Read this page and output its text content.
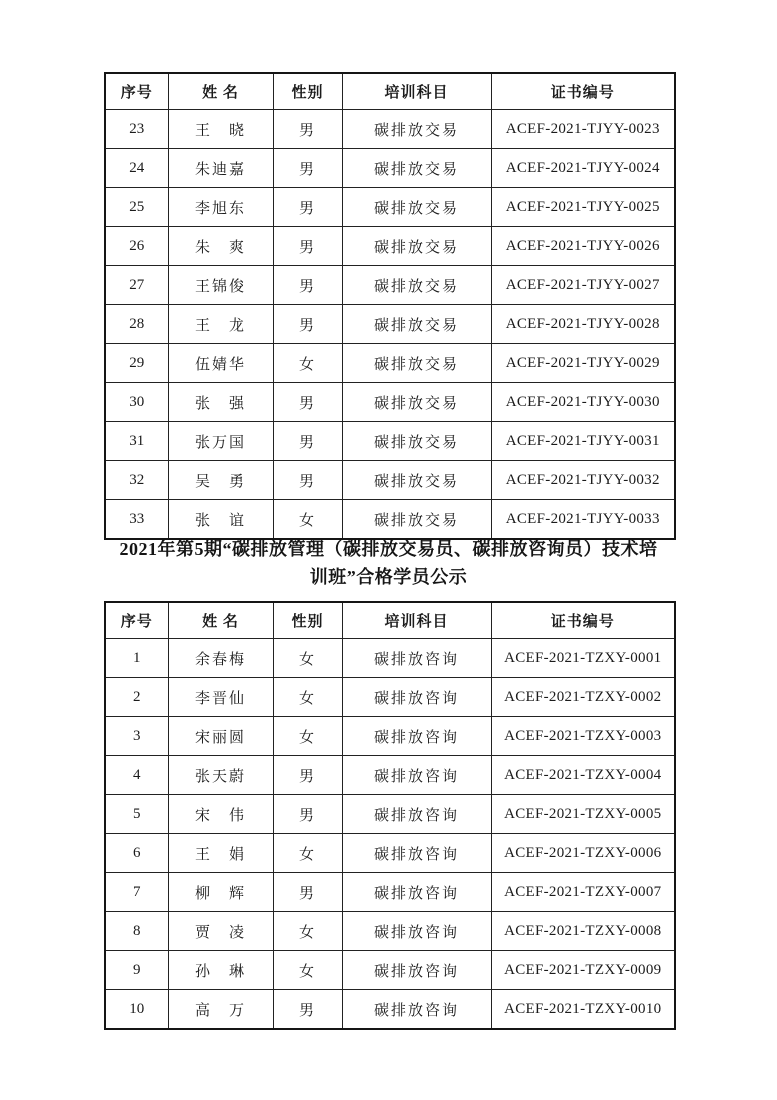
序号	姓 名	性别	培训科目	证书编号
23	王　晓	男	碳排放交易	ACEF-2021-TJYY-0023
24	朱迪嘉	男	碳排放交易	ACEF-2021-TJYY-0024
25	李旭东	男	碳排放交易	ACEF-2021-TJYY-0025
26	朱　爽	男	碳排放交易	ACEF-2021-TJYY-0026
27	王锦俊	男	碳排放交易	ACEF-2021-TJYY-0027
28	王　龙	男	碳排放交易	ACEF-2021-TJYY-0028
29	伍婧华	女	碳排放交易	ACEF-2021-TJYY-0029
30	张　强	男	碳排放交易	ACEF-2021-TJYY-0030
31	张万国	男	碳排放交易	ACEF-2021-TJYY-0031
32	吴　勇	男	碳排放交易	ACEF-2021-TJYY-0032
33	张　谊	女	碳排放交易	ACEF-2021-TJYY-0033
2021年第5期“碳排放管理（碳排放交易员、碳排放咨询员）技术培
训班”合格学员公示
序号	姓 名	性别	培训科目	证书编号
1	余春梅	女	碳排放咨询	ACEF-2021-TZXY-0001
2	李晋仙	女	碳排放咨询	ACEF-2021-TZXY-0002
3	宋丽圆	女	碳排放咨询	ACEF-2021-TZXY-0003
4	张天蔚	男	碳排放咨询	ACEF-2021-TZXY-0004
5	宋　伟	男	碳排放咨询	ACEF-2021-TZXY-0005
6	王　娟	女	碳排放咨询	ACEF-2021-TZXY-0006
7	柳　辉	男	碳排放咨询	ACEF-2021-TZXY-0007
8	贾　凌	女	碳排放咨询	ACEF-2021-TZXY-0008
9	孙　琳	女	碳排放咨询	ACEF-2021-TZXY-0009
10	高　万	男	碳排放咨询	ACEF-2021-TZXY-0010
